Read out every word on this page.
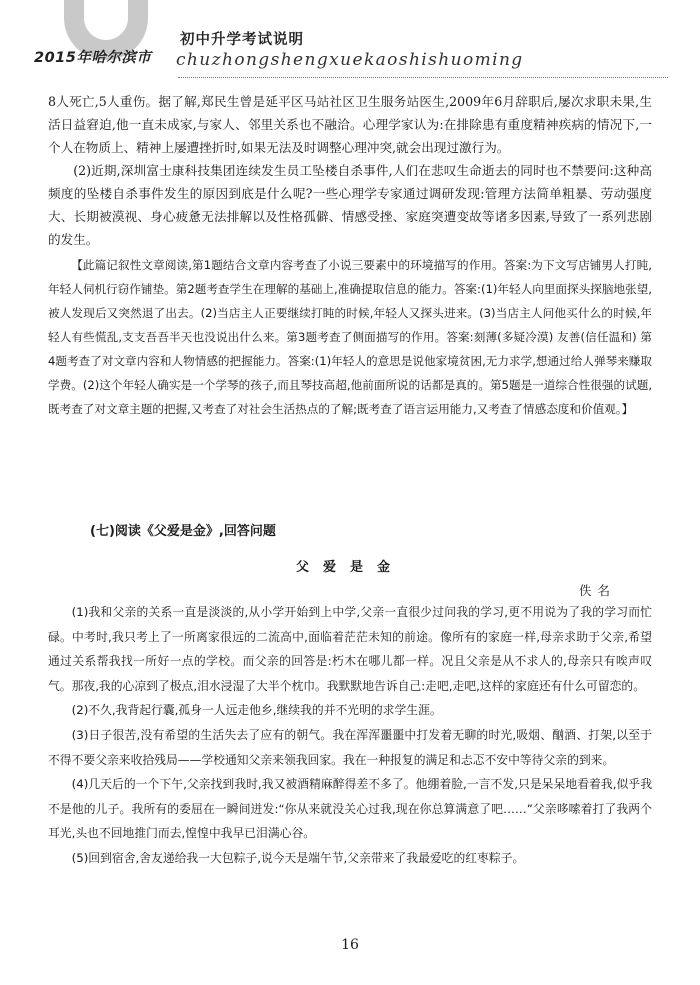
2015年哈尔滨市
初中升学考试说明
chuzhongshengxuekaoshishuoming

8人死亡,5人重伤。据了解,郑民生曾是延平区马站社区卫生服务站医生,2009年6月辞职后,屡次求职未果,生活日益窘迫,他一直未成家,与家人、邻里关系也不融洽。心理学家认为:在排除患有重度精神疾病的情况下,一个人在物质上、精神上屡遭挫折时,如果无法及时调整心理冲突,就会出现过激行为。

(2)近期,深圳富士康科技集团连续发生员工坠楼自杀事件,人们在悲叹生命逝去的同时也不禁要问:这种高频度的坠楼自杀事件发生的原因到底是什么呢?一些心理学专家通过调研发现:管理方法简单粗暴、劳动强度大、长期被漠视、身心疲惫无法排解以及性格孤僻、情感受挫、家庭突遭变故等诸多因素,导致了一系列悲剧的发生。

【此篇记叙性文章阅读,第1题结合文章内容考查了小说三要素中的环境描写的作用。答案:为下文写店铺男人打盹,年轻人伺机行窃作铺垫。第2题考查学生在理解的基础上,准确提取信息的能力。答案:(1)年轻人向里面探头探脑地张望,被人发现后又突然退了出去。(2)当店主人正要继续打盹的时候,年轻人又探头进来。(3)当店主人问他买什么的时候,年轻人有些慌乱,支支吾吾半天也没说出什么来。第3题考查了侧面描写的作用。答案:刻薄(多疑冷漠) 友善(信任温和) 第4题考查了对文章内容和人物情感的把握能力。答案:(1)年轻人的意思是说他家境贫困,无力求学,想通过给人弹琴来赚取学费。(2)这个年轻人确实是一个学琴的孩子,而且琴技高超,他前面所说的话都是真的。第5题是一道综合性很强的试题,既考查了对文章主题的把握,又考查了对社会生活热点的了解;既考查了语言运用能力,又考查了情感态度和价值观。】

(七)阅读《父爱是金》,回答问题
父爱是金
佚名

(1)我和父亲的关系一直是淡淡的,从小学开始到上中学,父亲一直很少过问我的学习,更不用说为了我的学习而忙碌。中考时,我只考上了一所离家很远的二流高中,面临着茫茫未知的前途。像所有的家庭一样,母亲求助于父亲,希望通过关系帮我找一所好一点的学校。而父亲的回答是:朽木在哪儿都一样。况且父亲是从不求人的,母亲只有唉声叹气。那夜,我的心凉到了极点,泪水浸湿了大半个枕巾。我默默地告诉自己:走吧,走吧,这样的家庭还有什么可留恋的。

(2)不久,我背起行囊,孤身一人远走他乡,继续我的并不光明的求学生涯。

(3)日子很苦,没有希望的生活失去了应有的朝气。我在浑浑噩噩中打发着无聊的时光,吸烟、酗酒、打架,以至于不得不要父亲来收拾残局——学校通知父亲来领我回家。我在一种报复的满足和忐忑不安中等待父亲的到来。

(4)几天后的一个下午,父亲找到我时,我又被酒精麻醉得差不多了。他绷着脸,一言不发,只是呆呆地看着我,似乎我不是他的儿子。我所有的委屈在一瞬间迸发:“你从来就没关心过我,现在你总算满意了吧……”父亲哆嗦着打了我两个耳光,头也不回地推门而去,惶惶中我早已泪满心谷。

(5)回到宿舍,舍友递给我一大包粽子,说今天是端午节,父亲带来了我最爱吃的红枣粽子。

16
